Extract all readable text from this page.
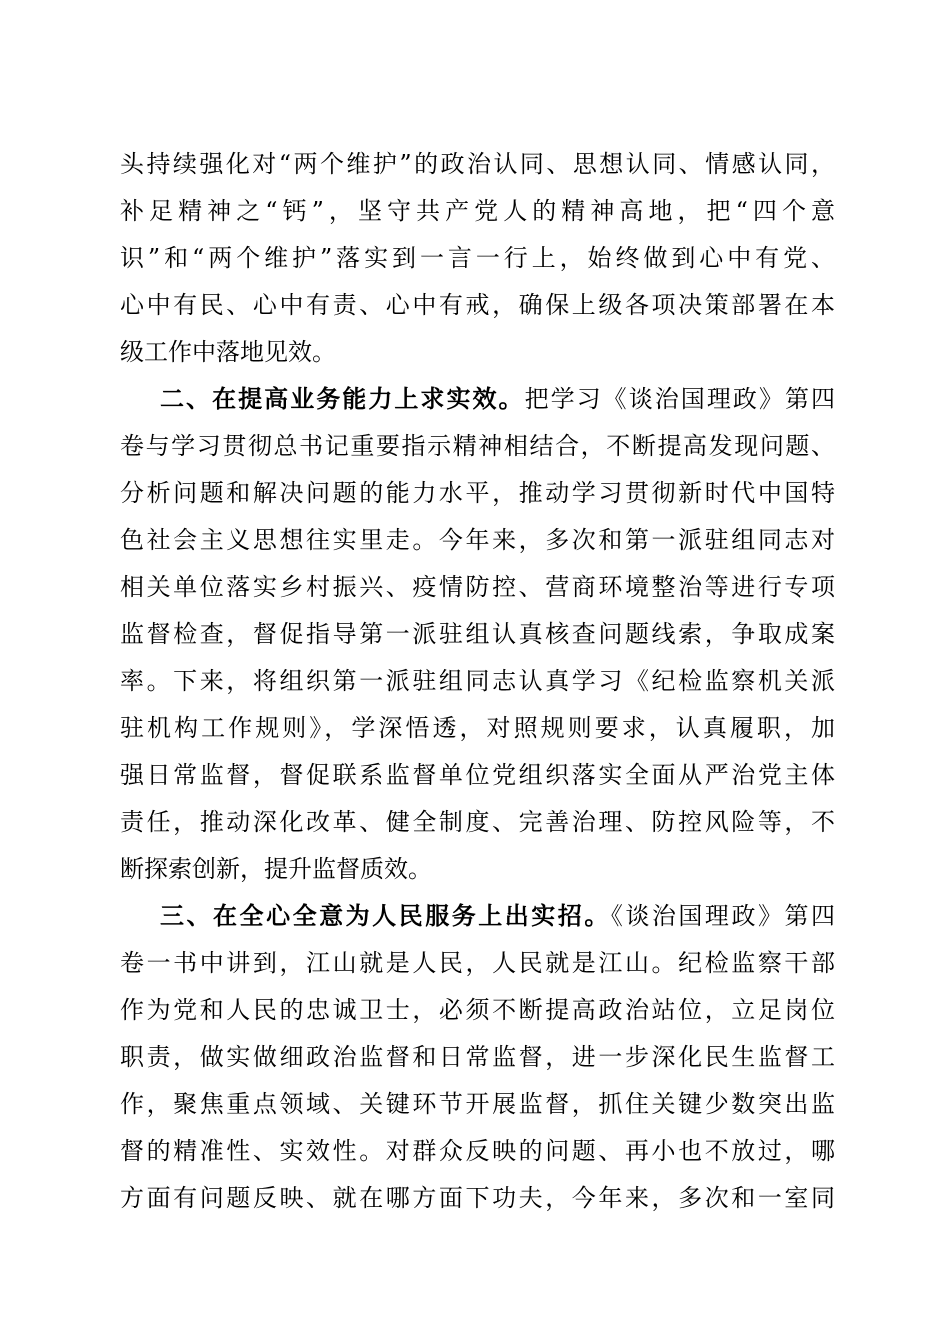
头持续强化对“两个维护”的政治认同、思想认同、情感认同，
补足精神之“钙”，坚守共产党人的精神高地，把“四个意
识”和“两个维护”落实到一言一行上，始终做到心中有党、
心中有民、心中有责、心中有戒，确保上级各项决策部署在本
级工作中落地见效。
二、在提高业务能力上求实效。把学习《谈治国理政》第四
卷与学习贯彻总书记重要指示精神相结合，不断提高发现问题、
分析问题和解决问题的能力水平，推动学习贯彻新时代中国特
色社会主义思想往实里走。今年来，多次和第一派驻组同志对
相关单位落实乡村振兴、疫情防控、营商环境整治等进行专项
监督检查，督促指导第一派驻组认真核查问题线索，争取成案
率。下来，将组织第一派驻组同志认真学习《纪检监察机关派
驻机构工作规则》，学深悟透，对照规则要求，认真履职，加
强日常监督，督促联系监督单位党组织落实全面从严治党主体
责任，推动深化改革、健全制度、完善治理、防控风险等，不
断探索创新，提升监督质效。
三、在全心全意为人民服务上出实招。《谈治国理政》第四
卷一书中讲到，江山就是人民，人民就是江山。纪检监察干部
作为党和人民的忠诚卫士，必须不断提高政治站位，立足岗位
职责，做实做细政治监督和日常监督，进一步深化民生监督工
作，聚焦重点领域、关键环节开展监督，抓住关键少数突出监
督的精准性、实效性。对群众反映的问题、再小也不放过，哪
方面有问题反映、就在哪方面下功夫，今年来，多次和一室同
